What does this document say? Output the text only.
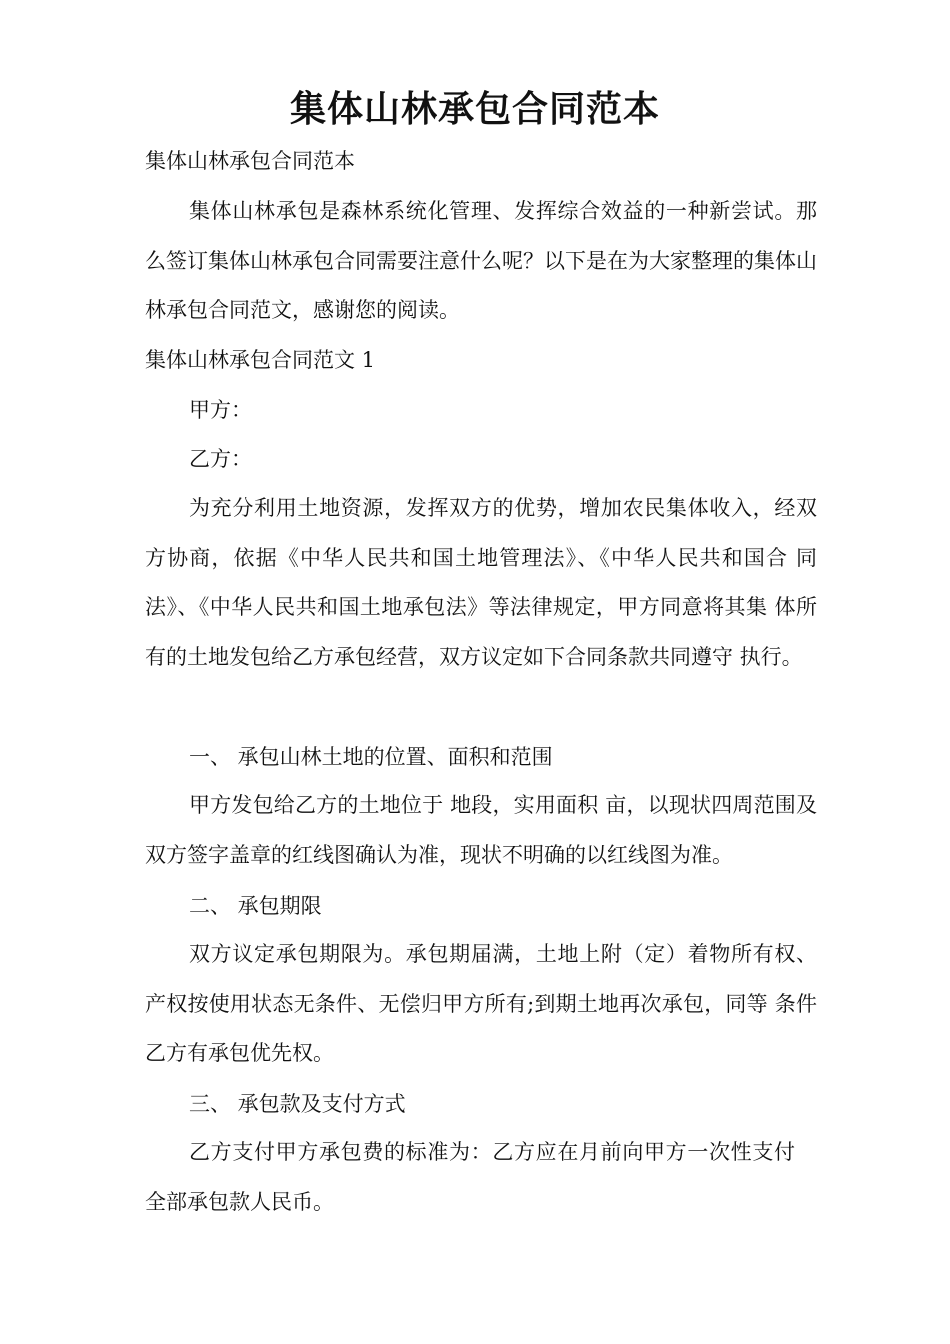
集体山林承包合同范本
集体山林承包合同范本

集体山林承包是森林系统化管理、发挥综合效益的一种新尝试。那么签订集体山林承包合同需要注意什么呢？以下是在为大家整理的集体山林承包合同范文，感谢您的阅读。

集体山林承包合同范文 1
甲方：
乙方：

为充分利用土地资源，发挥双方的优势，增加农民集体收入，经双方协商，依据《中华人民共和国土地管理法》、《中华人民共和国合 同法》、《中华人民共和国土地承包法》等法律规定，甲方同意将其集 体所有的土地发包给乙方承包经营，双方议定如下合同条款共同遵守 执行。

一、 承包山林土地的位置、面积和范围

甲方发包给乙方的土地位于 地段，实用面积 亩，以现状四周范围及双方签字盖章的红线图确认为准，现状不明确的以红线图为准。

二、 承包期限

双方议定承包期限为。承包期届满，土地上附（定）着物所有权、 产权按使用状态无条件、无偿归甲方所有;到期土地再次承包，同等 条件乙方有承包优先权。

三、 承包款及支付方式

乙方支付甲方承包费的标准为：乙方应在月前向甲方一次性支付全部承包款人民币。
